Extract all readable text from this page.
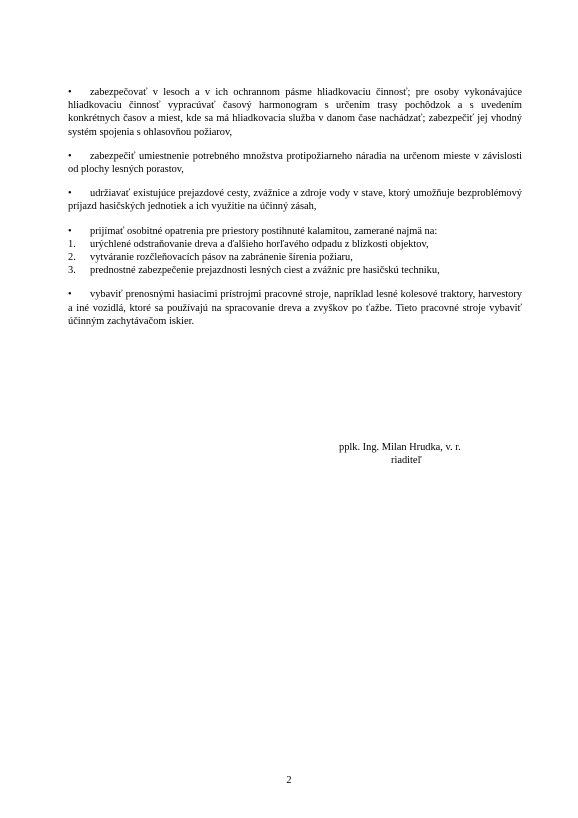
• zabezpečovať v lesoch a v ich ochrannom pásme hliadkovaciu činnosť; pre osoby vykonávajúce hliadkovaciu činnosť vypracúvať časový harmonogram s určením trasy pochôdzok a s uvedením konkrétnych časov a miest, kde sa má hliadkovacia služba v danom čase nachádzať; zabezpečiť jej vhodný systém spojenia s ohlasovňou požiarov,

• zabezpečiť umiestnenie potrebného množstva protipožiarneho náradia na určenom mieste v závislosti od plochy lesných porastov,

• udržiavať existujúce prejazdové cesty, zvážnice a zdroje vody v stave, ktorý umožňuje bezproblémový príjazd hasičských jednotiek a ich využitie na účinný zásah,

• prijímať osobitné opatrenia pre priestory postihnuté kalamitou, zamerané najmä na:

1.	urýchlené odstraňovanie dreva a ďalšieho horľavého odpadu z blízkosti objektov,
2.	vytváranie rozčleňovacích pásov na zabránenie šírenia požiaru,
3.	prednostné zabezpečenie prejazdnosti lesných ciest a zvážnic pre hasičskú techniku,

• vybaviť prenosnými hasiacimi prístrojmi pracovné stroje, napríklad lesné kolesové traktory, harvestory a iné vozidlá, ktoré sa používajú na spracovanie dreva a zvyškov po ťažbe. Tieto pracovné stroje vybaviť účinným zachytávačom iskier.

pplk. Ing. Milan Hrudka, v. r.
riaditeľ
2
